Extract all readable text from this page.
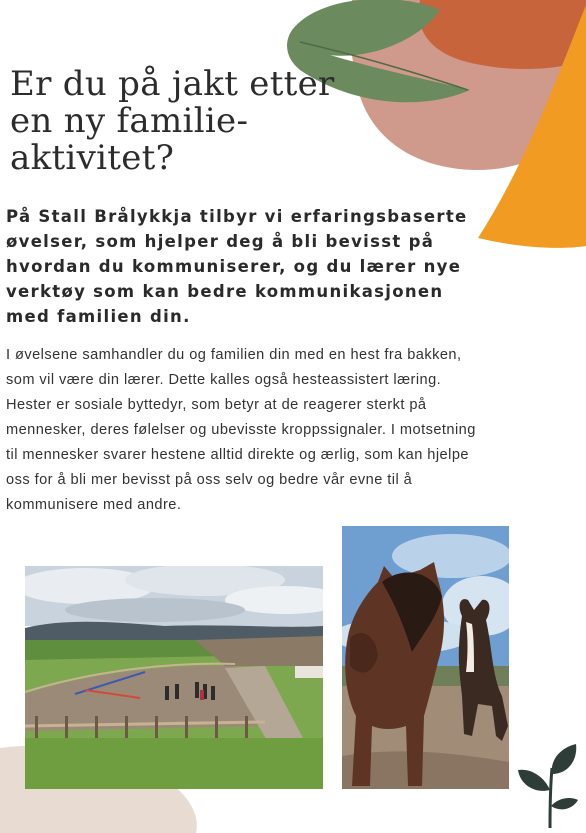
Er du på jakt etter
en ny familie-
aktivitet?

På Stall Brålykkja tilbyr vi erfaringsbaserte
øvelser, som hjelper deg å bli bevisst på
hvordan du kommuniserer, og du lærer nye
verktøy som kan bedre kommunikasjonen
med familien din.

I øvelsene samhandler du og familien din med en hest fra bakken,
som vil være din lærer. Dette kalles også hesteassistert læring.
Hester er sosiale byttedyr, som betyr at de reagerer sterkt på
mennesker, deres følelser og ubevisste kroppssignaler. I motsetning
til mennesker svarer hestene alltid direkte og ærlig, som kan hjelpe
oss for å bli mer bevisst på oss selv og bedre vår evne til å
kommunisere med andre.
